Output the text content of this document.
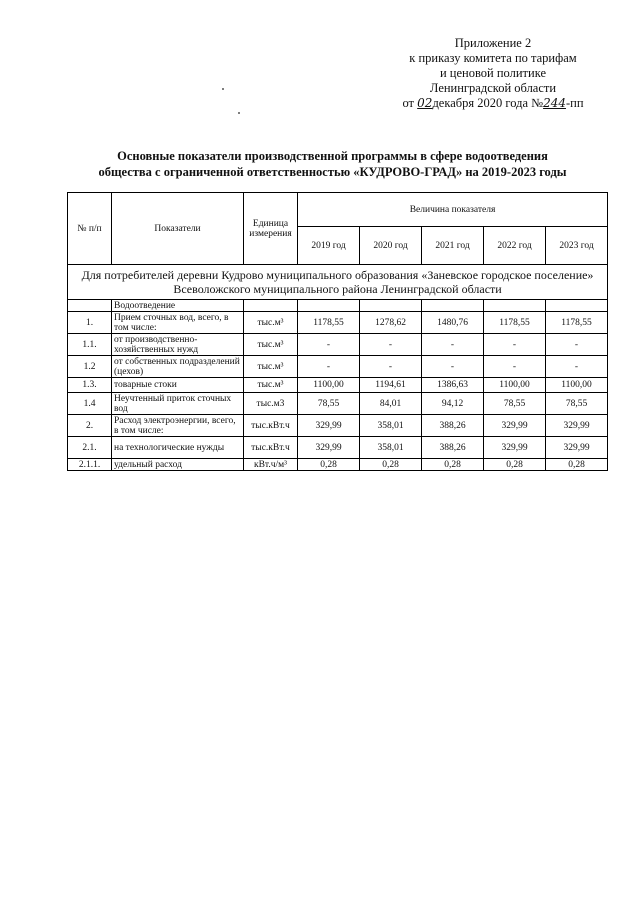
Приложение 2
к приказу комитета по тарифам
и ценовой политике
Ленинградской области
от 02декабря 2020 года №244-пп
Основные показатели производственной программы в сфере водоотведения
общества с ограниченной ответственностью «КУДРОВО-ГРАД» на 2019-2023 годы
№ п/п	Показатели	Единица измерения	Величина показателя				
			2019 год	2020 год	2021 год	2022 год	2023 год
Для потребителей деревни Кудрово муниципального образования «Заневское городское поселение» Всеволожского муниципального района Ленинградской области							
	Водоотведение						
1.	Прием сточных вод, всего, в том числе:	тыс.м³	1178,55	1278,62	1480,76	1178,55	1178,55
1.1.	от производственно-хозяйственных нужд	тыс.м³	-	-	-	-	-
1.2	от собственных подразделений (цехов)	тыс.м³	-	-	-	-	-
1.3.	товарные стоки	тыс.м³	1100,00	1194,61	1386,63	1100,00	1100,00
1.4	Неучтенный приток сточных вод	тыс.м3	78,55	84,01	94,12	78,55	78,55
2.	Расход электроэнергии, всего, в том числе:	тыс.кВт.ч	329,99	358,01	388,26	329,99	329,99
2.1.	на технологические нужды	тыс.кВт.ч	329,99	358,01	388,26	329,99	329,99
2.1.1.	удельный расход	кВт.ч/м³	0,28	0,28	0,28	0,28	0,28
